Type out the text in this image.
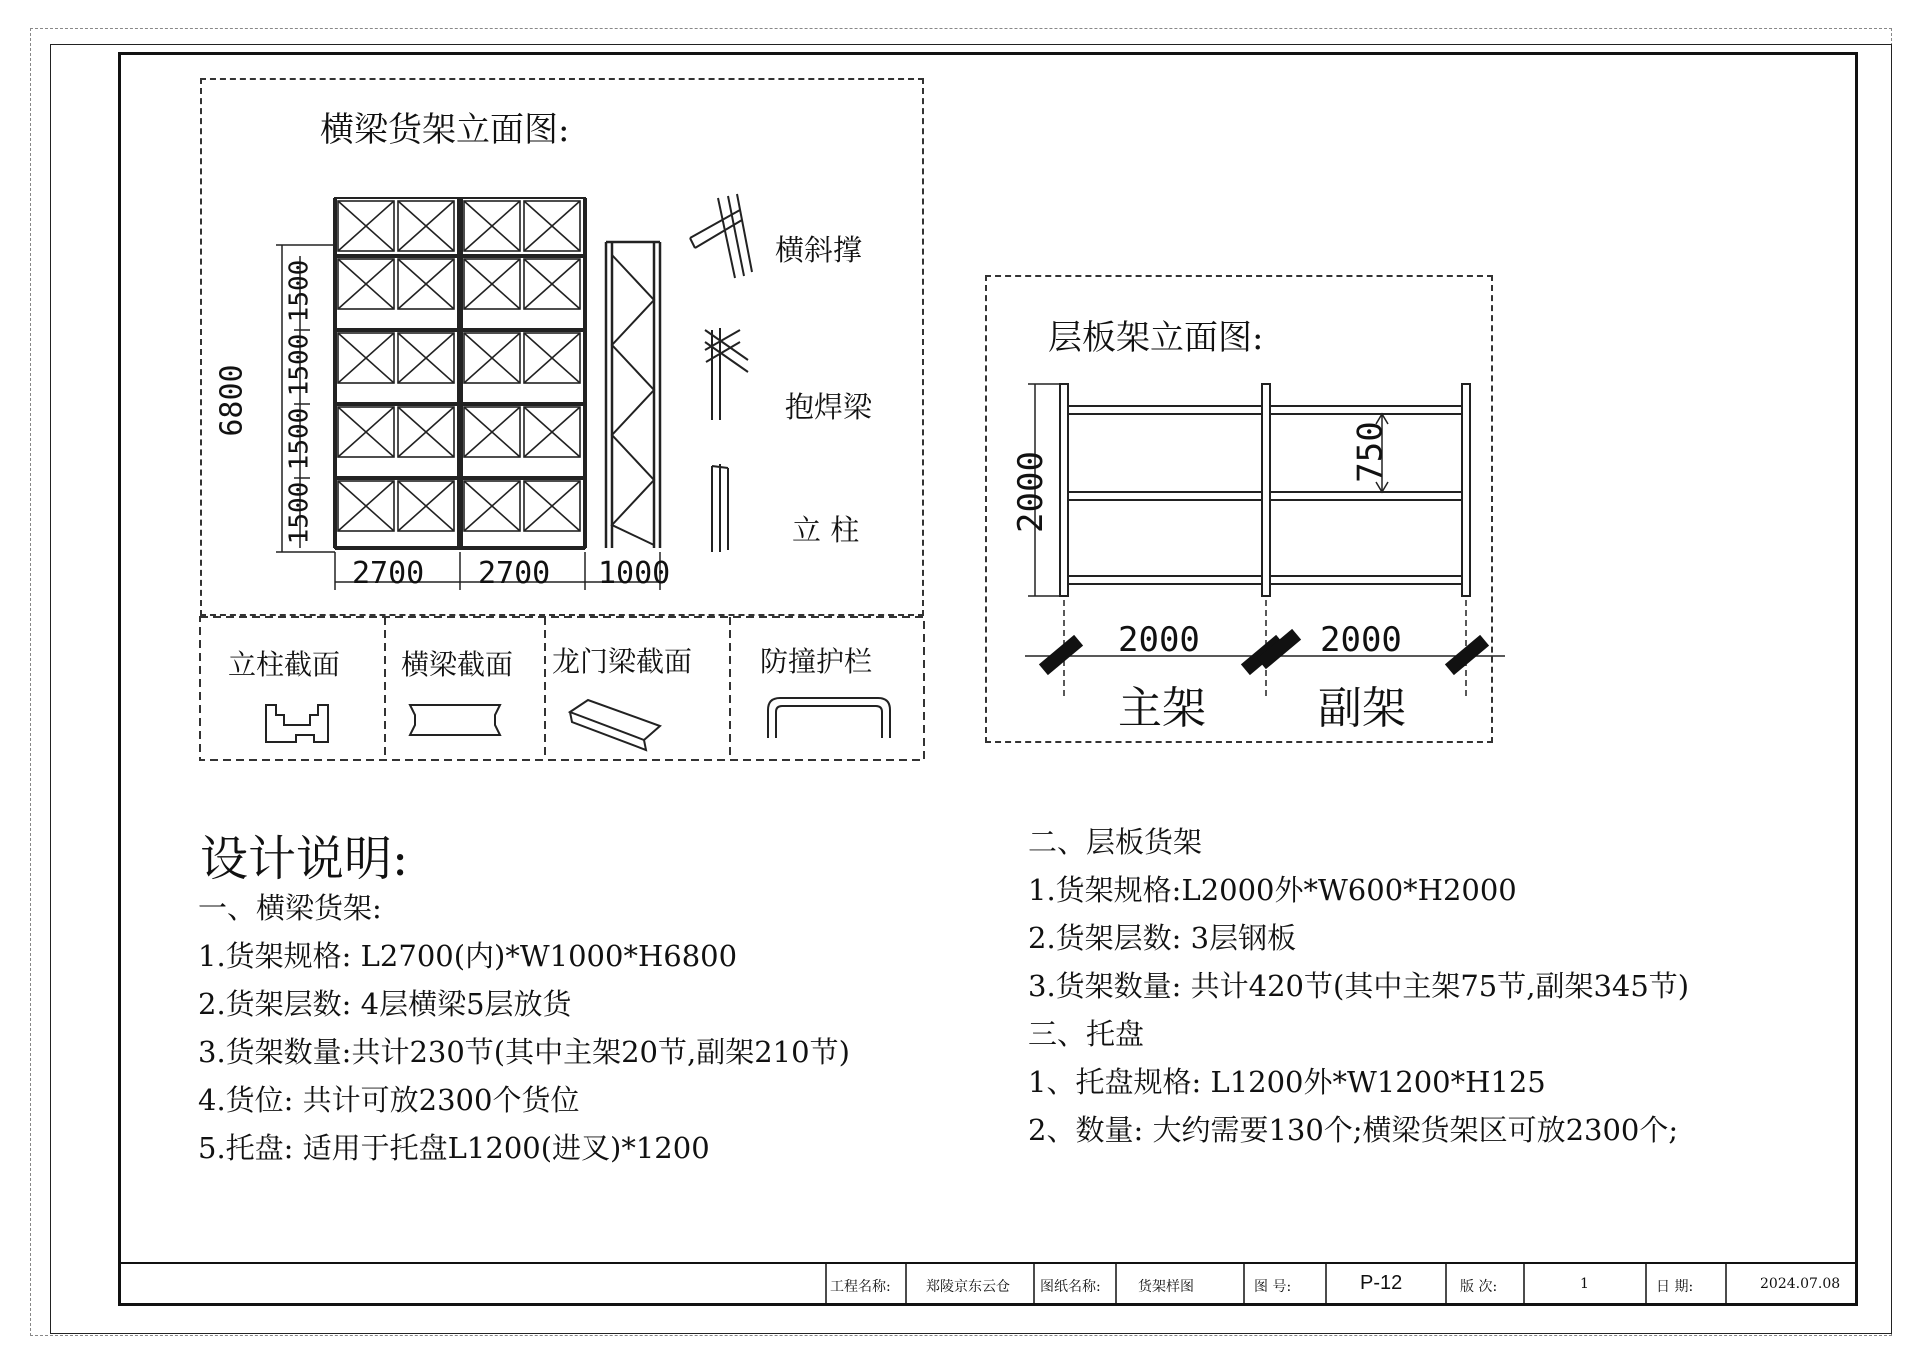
横梁货架立面图:
横斜撑
抱焊梁
立 柱
6800
1500
1500
1500
1500
2700 2700 1000
立柱截面 横梁截面 龙门梁截面 防撞护栏
层板架立面图:
2000	750
2000	2000
主架	副架
设计说明:
一、横梁货架:
1.货架规格: L2700(内)*W1000*H6800
2.货架层数: 4层横梁5层放货
3.货架数量:共计230节(其中主架20节,副架210节)
4.货位: 共计可放2300个货位
5.托盘: 适用于托盘L1200(进叉)*1200
二、层板货架
1.货架规格:L2000外*W600*H2000
2.货架层数: 3层钢板
3.货架数量: 共计420节(其中主架75节,副架345节)
三、托盘
1、托盘规格: L1200外*W1200*H125
2、数量: 大约需要130个;横梁货架区可放2300个;
工程名称:	郑陵京东云仓 图纸名称:	货架样图	图 号:	P-12	版 次:	1	日 期:	2024.07.08
